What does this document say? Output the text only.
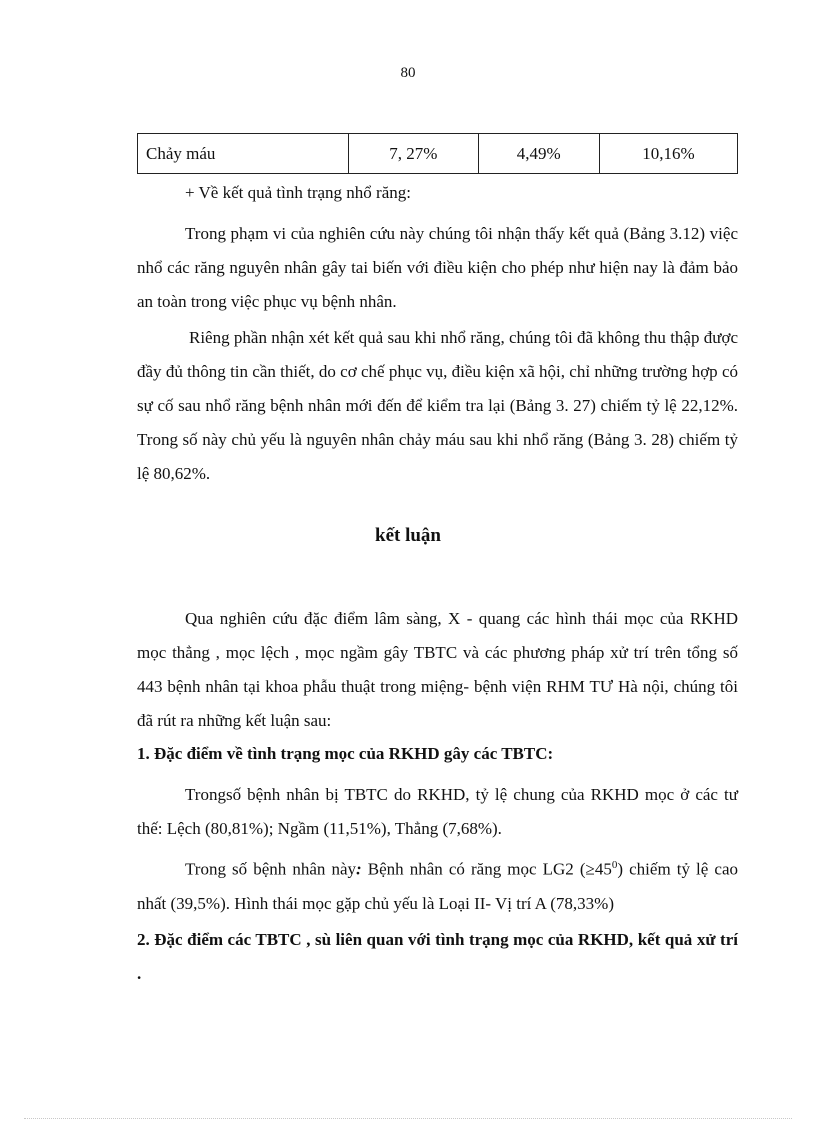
80
Chảy máu	7, 27%	4,49%	10,16%
+ Về kết quả tình trạng nhổ răng:
Trong phạm vi của nghiên cứu này chúng tôi nhận thấy kết quả (Bảng 3.12) việc nhổ các răng nguyên nhân gây tai biến với điều kiện cho phép như hiện nay là đảm bảo an toàn trong việc phục vụ bệnh nhân.
Riêng phần nhận xét kết quả sau khi nhổ răng, chúng tôi đã không thu thập được đầy đủ thông tin cần thiết, do cơ chế phục vụ, điều kiện xã hội, chỉ những trường hợp có sự cố sau nhổ răng bệnh nhân mới đến để kiểm tra lại (Bảng 3. 27) chiếm tỷ lệ 22,12%. Trong số này chủ yếu là nguyên nhân chảy máu sau khi nhổ răng (Bảng 3. 28) chiếm tỷ lệ 80,62%.
kết luận
Qua nghiên cứu đặc điểm lâm sàng, X - quang các hình thái mọc của RKHD mọc thẳng , mọc lệch , mọc ngầm gây TBTC và các phương pháp xử trí trên tổng số 443 bệnh nhân tại khoa phẫu thuật trong miệng- bệnh viện RHM TƯ Hà nội, chúng tôi đã rút ra những kết luận sau:
1. Đặc điểm về tình trạng mọc của RKHD gây các TBTC:
Trongsố bệnh nhân bị TBTC do RKHD, tỷ lệ chung của RKHD mọc ở các tư thế: Lệch (80,81%); Ngầm (11,51%), Thẳng (7,68%).
Trong số bệnh nhân này: Bệnh nhân có răng mọc LG2 $(\ge 45^0)$ chiếm tỷ lệ cao nhất (39,5%). Hình thái mọc gặp chủ yếu là Loại II- Vị trí A (78,33%)
2. Đặc điểm các TBTC , sù liên quan với tình trạng mọc của RKHD, kết quả xử trí .
